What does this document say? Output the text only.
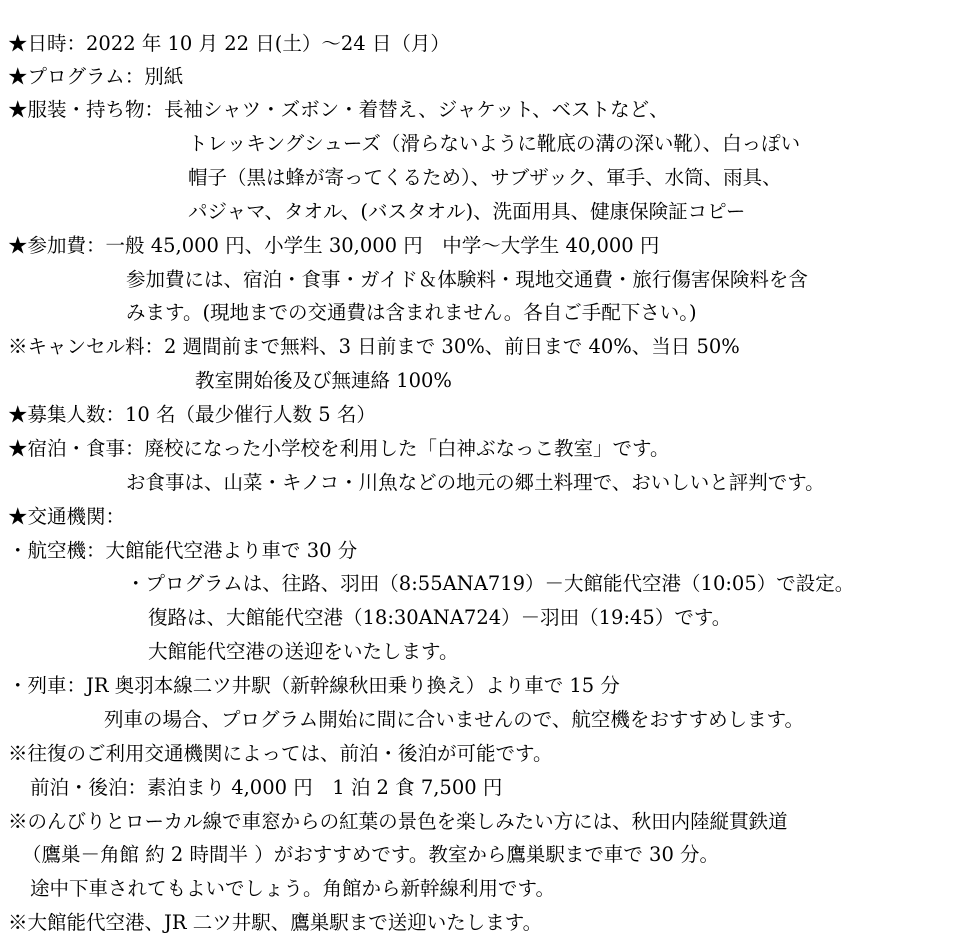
★日時：2022 年 10 月 22 日(土）～24 日（月）
★プログラム：別紙
★服装・持ち物：長袖シャツ・ズボン・着替え、ジャケット、ベストなど、
トレッキングシューズ（滑らないように靴底の溝の深い靴）、白っぽい
帽子（黒は蜂が寄ってくるため）、サブザック、軍手、水筒、雨具、
パジャマ、タオル、(バスタオル)、洗面用具、健康保険証コピー
★参加費：一般 45,000 円、小学生 30,000 円　中学～大学生 40,000 円
参加費には、宿泊・食事・ガイド＆体験料・現地交通費・旅行傷害保険料を含
みます。(現地までの交通費は含まれません。各自ご手配下さい。)
※キャンセル料：2 週間前まで無料、3 日前まで 30%、前日まで 40%、当日 50%
教室開始後及び無連絡 100%
★募集人数：10 名（最少催行人数 5 名）
★宿泊・食事：廃校になった小学校を利用した「白神ぶなっこ教室」です。
お食事は、山菜・キノコ・川魚などの地元の郷土料理で、おいしいと評判です。
★交通機関：
・航空機：大館能代空港より車で 30 分
・プログラムは、往路、羽田（8:55ANA719）－大館能代空港（10:05）で設定。
復路は、大館能代空港（18:30ANA724）－羽田（19:45）です。
大館能代空港の送迎をいたします。
・列車：JR 奥羽本線二ツ井駅（新幹線秋田乗り換え）より車で 15 分
列車の場合、プログラム開始に間に合いませんので、航空機をおすすめします。
※往復のご利用交通機関によっては、前泊・後泊が可能です。
前泊・後泊：素泊まり 4,000 円　1 泊 2 食 7,500 円
※のんびりとローカル線で車窓からの紅葉の景色を楽しみたい方には、秋田内陸縦貫鉄道
（鷹巣－角館 約 2 時間半 ）がおすすめです。教室から鷹巣駅まで車で 30 分。
途中下車されてもよいでしょう。角館から新幹線利用です。
※大館能代空港、JR 二ツ井駅、鷹巣駅まで送迎いたします。
